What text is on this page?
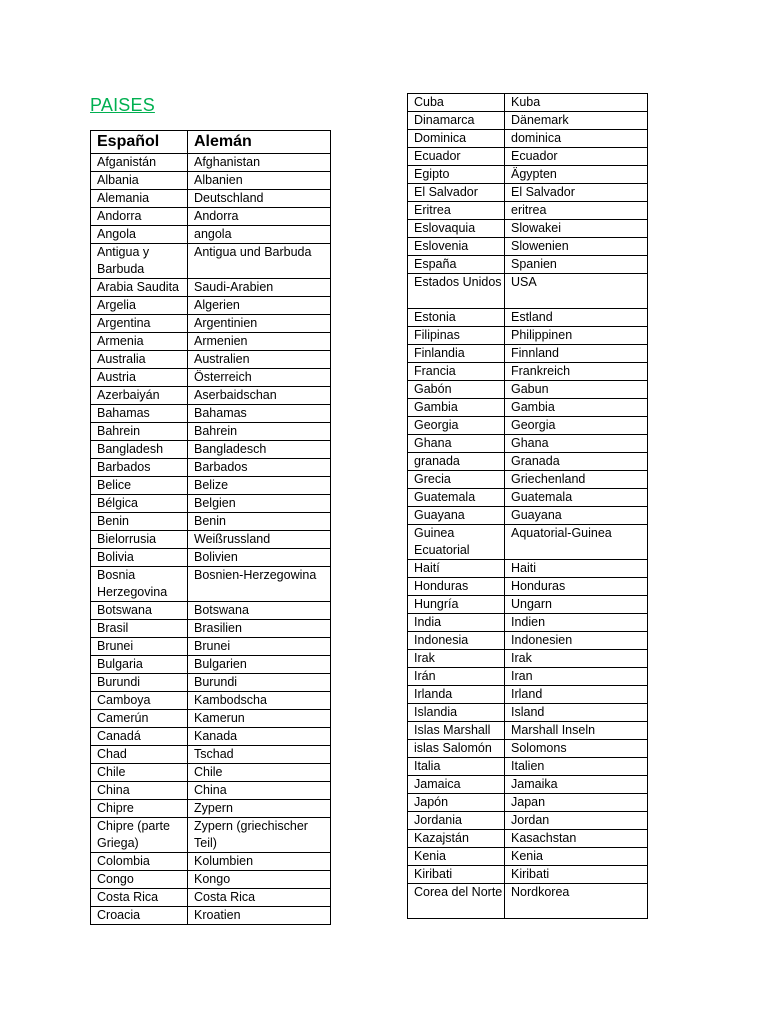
PAISES
Español	Alemán
Afganistán	Afghanistan
Albania	Albanien
Alemania	Deutschland
Andorra	Andorra
Angola	angola
Antigua y Barbuda	Antigua und Barbuda
Arabia Saudita	Saudi-Arabien
Argelia	Algerien
Argentina	Argentinien
Armenia	Armenien
Australia	Australien
Austria	Österreich
Azerbaiyán	Aserbaidschan
Bahamas	Bahamas
Bahrein	Bahrein
Bangladesh	Bangladesch
Barbados	Barbados
Belice	Belize
Bélgica	Belgien
Benin	Benin
Bielorrusia	Weißrussland
Bolivia	Bolivien
Bosnia Herzegovina	Bosnien-Herzegowina
Botswana	Botswana
Brasil	Brasilien
Brunei	Brunei
Bulgaria	Bulgarien
Burundi	Burundi
Camboya	Kambodscha
Camerún	Kamerun
Canadá	Kanada
Chad	Tschad
Chile	Chile
China	China
Chipre	Zypern
Chipre (parte Griega)	Zypern (griechischer Teil)
Colombia	Kolumbien
Congo	Kongo
Costa Rica	Costa Rica
Croacia	Kroatien
Cuba	Kuba
Dinamarca	Dänemark
Dominica	dominica
Ecuador	Ecuador
Egipto	Ägypten
El Salvador	El Salvador
Eritrea	eritrea
Eslovaquia	Slowakei
Eslovenia	Slowenien
España	Spanien
Estados Unidos	USA
Estonia	Estland
Filipinas	Philippinen
Finlandia	Finnland
Francia	Frankreich
Gabón	Gabun
Gambia	Gambia
Georgia	Georgia
Ghana	Ghana
granada	Granada
Grecia	Griechenland
Guatemala	Guatemala
Guayana	Guayana
Guinea Ecuatorial	Aquatorial-Guinea
Haití	Haiti
Honduras	Honduras
Hungría	Ungarn
India	Indien
Indonesia	Indonesien
Irak	Irak
Irán	Iran
Irlanda	Irland
Islandia	Island
Islas Marshall	Marshall Inseln
islas Salomón	Solomons
Italia	Italien
Jamaica	Jamaika
Japón	Japan
Jordania	Jordan
Kazajstán	Kasachstan
Kenia	Kenia
Kiribati	Kiribati
Corea del Norte	Nordkorea
